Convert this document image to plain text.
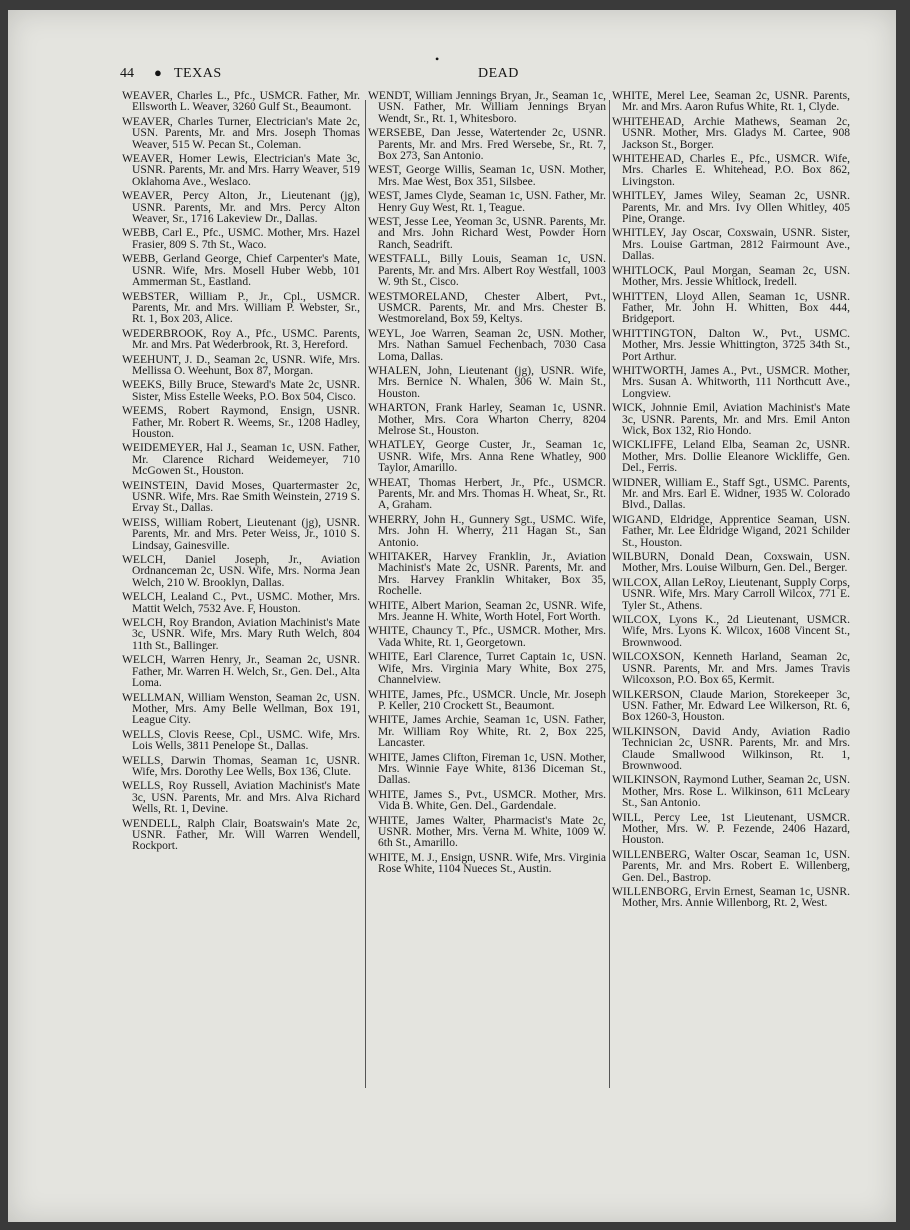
44 ● TEXAS
•
DEAD

WEAVER, Charles L., Pfc., USMCR. Father, Mr. Ellsworth L. Weaver, 3260 Gulf St., Beaumont.

WEAVER, Charles Turner, Electrician's Mate 2c, USN. Parents, Mr. and Mrs. Joseph Thomas Weaver, 515 W. Pecan St., Coleman.

WEAVER, Homer Lewis, Electrician's Mate 3c, USNR. Parents, Mr. and Mrs. Harry Weaver, 519 Oklahoma Ave., Weslaco.

WEAVER, Percy Alton, Jr., Lieutenant (jg), USNR. Parents, Mr. and Mrs. Percy Alton Weaver, Sr., 1716 Lakeview Dr., Dallas.

WEBB, Carl E., Pfc., USMC. Mother, Mrs. Hazel Frasier, 809 S. 7th St., Waco.

WEBB, Gerland George, Chief Carpenter's Mate, USNR. Wife, Mrs. Mosell Huber Webb, 101 Ammerman St., Eastland.

WEBSTER, William P., Jr., Cpl., USMCR. Parents, Mr. and Mrs. William P. Webster, Sr., Rt. 1, Box 203, Alice.

WEDERBROOK, Roy A., Pfc., USMC. Parents, Mr. and Mrs. Pat Wederbrook, Rt. 3, Hereford.

WEEHUNT, J. D., Seaman 2c, USNR. Wife, Mrs. Mellissa O. Weehunt, Box 87, Morgan.

WEEKS, Billy Bruce, Steward's Mate 2c, USNR. Sister, Miss Estelle Weeks, P.O. Box 504, Cisco.

WEEMS, Robert Raymond, Ensign, USNR. Father, Mr. Robert R. Weems, Sr., 1208 Hadley, Houston.

WEIDEMEYER, Hal J., Seaman 1c, USN. Father, Mr. Clarence Richard Weidemeyer, 710 McGowen St., Houston.

WEINSTEIN, David Moses, Quartermaster 2c, USNR. Wife, Mrs. Rae Smith Weinstein, 2719 S. Ervay St., Dallas.

WEISS, William Robert, Lieutenant (jg), USNR. Parents, Mr. and Mrs. Peter Weiss, Jr., 1010 S. Lindsay, Gainesville.

WELCH, Daniel Joseph, Jr., Aviation Ordnanceman 2c, USN. Wife, Mrs. Norma Jean Welch, 210 W. Brooklyn, Dallas.

WELCH, Lealand C., Pvt., USMC. Mother, Mrs. Mattit Welch, 7532 Ave. F, Houston.

WELCH, Roy Brandon, Aviation Machinist's Mate 3c, USNR. Wife, Mrs. Mary Ruth Welch, 804 11th St., Ballinger.

WELCH, Warren Henry, Jr., Seaman 2c, USNR. Father, Mr. Warren H. Welch, Sr., Gen. Del., Alta Loma.

WELLMAN, William Wenston, Seaman 2c, USN. Mother, Mrs. Amy Belle Wellman, Box 191, League City.

WELLS, Clovis Reese, Cpl., USMC. Wife, Mrs. Lois Wells, 3811 Penelope St., Dallas.

WELLS, Darwin Thomas, Seaman 1c, USNR. Wife, Mrs. Dorothy Lee Wells, Box 136, Clute.

WELLS, Roy Russell, Aviation Machinist's Mate 3c, USN. Parents, Mr. and Mrs. Alva Richard Wells, Rt. 1, Devine.

WENDELL, Ralph Clair, Boatswain's Mate 2c, USNR. Father, Mr. Will Warren Wendell, Rockport.

WENDT, William Jennings Bryan, Jr., Seaman 1c, USN. Father, Mr. William Jennings Bryan Wendt, Sr., Rt. 1, Whitesboro.

WERSEBE, Dan Jesse, Watertender 2c, USNR. Parents, Mr. and Mrs. Fred Wersebe, Sr., Rt. 7, Box 273, San Antonio.

WEST, George Willis, Seaman 1c, USN. Mother, Mrs. Mae West, Box 351, Silsbee.

WEST, James Clyde, Seaman 1c, USN. Father, Mr. Henry Guy West, Rt. 1, Teague.

WEST, Jesse Lee, Yeoman 3c, USNR. Parents, Mr. and Mrs. John Richard West, Powder Horn Ranch, Seadrift.

WESTFALL, Billy Louis, Seaman 1c, USN. Parents, Mr. and Mrs. Albert Roy Westfall, 1003 W. 9th St., Cisco.

WESTMORELAND, Chester Albert, Pvt., USMCR. Parents, Mr. and Mrs. Chester B. Westmoreland, Box 59, Keltys.

WEYL, Joe Warren, Seaman 2c, USN. Mother, Mrs. Nathan Samuel Fechenbach, 7030 Casa Loma, Dallas.

WHALEN, John, Lieutenant (jg), USNR. Wife, Mrs. Bernice N. Whalen, 306 W. Main St., Houston.

WHARTON, Frank Harley, Seaman 1c, USNR. Mother, Mrs. Cora Wharton Cherry, 8204 Melrose St., Houston.

WHATLEY, George Custer, Jr., Seaman 1c, USNR. Wife, Mrs. Anna Rene Whatley, 900 Taylor, Amarillo.

WHEAT, Thomas Herbert, Jr., Pfc., USMCR. Parents, Mr. and Mrs. Thomas H. Wheat, Sr., Rt. A, Graham.

WHERRY, John H., Gunnery Sgt., USMC. Wife, Mrs. John H. Wherry, 211 Hagan St., San Antonio.

WHITAKER, Harvey Franklin, Jr., Aviation Machinist's Mate 2c, USNR. Parents, Mr. and Mrs. Harvey Franklin Whitaker, Box 35, Rochelle.

WHITE, Albert Marion, Seaman 2c, USNR. Wife, Mrs. Jeanne H. White, Worth Hotel, Fort Worth.

WHITE, Chauncy T., Pfc., USMCR. Mother, Mrs. Vada White, Rt. 1, Georgetown.

WHITE, Earl Clarence, Turret Captain 1c, USN. Wife, Mrs. Virginia Mary White, Box 275, Channelview.

WHITE, James, Pfc., USMCR. Uncle, Mr. Joseph P. Keller, 210 Crockett St., Beaumont.

WHITE, James Archie, Seaman 1c, USN. Father, Mr. William Roy White, Rt. 2, Box 225, Lancaster.

WHITE, James Clifton, Fireman 1c, USN. Mother, Mrs. Winnie Faye White, 8136 Diceman St., Dallas.

WHITE, James S., Pvt., USMCR. Mother, Mrs. Vida B. White, Gen. Del., Gardendale.

WHITE, James Walter, Pharmacist's Mate 2c, USNR. Mother, Mrs. Verna M. White, 1009 W. 6th St., Amarillo.

WHITE, M. J., Ensign, USNR. Wife, Mrs. Virginia Rose White, 1104 Nueces St., Austin.

WHITE, Merel Lee, Seaman 2c, USNR. Parents, Mr. and Mrs. Aaron Rufus White, Rt. 1, Clyde.

WHITEHEAD, Archie Mathews, Seaman 2c, USNR. Mother, Mrs. Gladys M. Cartee, 908 Jackson St., Borger.

WHITEHEAD, Charles E., Pfc., USMCR. Wife, Mrs. Charles E. Whitehead, P.O. Box 862, Livingston.

WHITLEY, James Wiley, Seaman 2c, USNR. Parents, Mr. and Mrs. Ivy Ollen Whitley, 405 Pine, Orange.

WHITLEY, Jay Oscar, Coxswain, USNR. Sister, Mrs. Louise Gartman, 2812 Fairmount Ave., Dallas.

WHITLOCK, Paul Morgan, Seaman 2c, USN. Mother, Mrs. Jessie Whitlock, Iredell.

WHITTEN, Lloyd Allen, Seaman 1c, USNR. Father, Mr. John H. Whitten, Box 444, Bridgeport.

WHITTINGTON, Dalton W., Pvt., USMC. Mother, Mrs. Jessie Whittington, 3725 34th St., Port Arthur.

WHITWORTH, James A., Pvt., USMCR. Mother, Mrs. Susan A. Whitworth, 111 Northcutt Ave., Longview.

WICK, Johnnie Emil, Aviation Machinist's Mate 3c, USNR. Parents, Mr. and Mrs. Emil Anton Wick, Box 132, Rio Hondo.

WICKLIFFE, Leland Elba, Seaman 2c, USNR. Mother, Mrs. Dollie Eleanore Wickliffe, Gen. Del., Ferris.

WIDNER, William E., Staff Sgt., USMC. Parents, Mr. and Mrs. Earl E. Widner, 1935 W. Colorado Blvd., Dallas.

WIGAND, Eldridge, Apprentice Seaman, USN. Father, Mr. Lee Eldridge Wigand, 2021 Schilder St., Houston.

WILBURN, Donald Dean, Coxswain, USN. Mother, Mrs. Louise Wilburn, Gen. Del., Berger.

WILCOX, Allan LeRoy, Lieutenant, Supply Corps, USNR. Wife, Mrs. Mary Carroll Wilcox, 771 E. Tyler St., Athens.

WILCOX, Lyons K., 2d Lieutenant, USMCR. Wife, Mrs. Lyons K. Wilcox, 1608 Vincent St., Brownwood.

WILCOXSON, Kenneth Harland, Seaman 2c, USNR. Parents, Mr. and Mrs. James Travis Wilcoxson, P.O. Box 65, Kermit.

WILKERSON, Claude Marion, Storekeeper 3c, USN. Father, Mr. Edward Lee Wilkerson, Rt. 6, Box 1260-3, Houston.

WILKINSON, David Andy, Aviation Radio Technician 2c, USNR. Parents, Mr. and Mrs. Claude Smallwood Wilkinson, Rt. 1, Brownwood.

WILKINSON, Raymond Luther, Seaman 2c, USN. Mother, Mrs. Rose L. Wilkinson, 611 McLeary St., San Antonio.

WILL, Percy Lee, 1st Lieutenant, USMCR. Mother, Mrs. W. P. Fezende, 2406 Hazard, Houston.

WILLENBERG, Walter Oscar, Seaman 1c, USN. Parents, Mr. and Mrs. Robert E. Willenberg, Gen. Del., Bastrop.

WILLENBORG, Ervin Ernest, Seaman 1c, USNR. Mother, Mrs. Annie Willenborg, Rt. 2, West.
